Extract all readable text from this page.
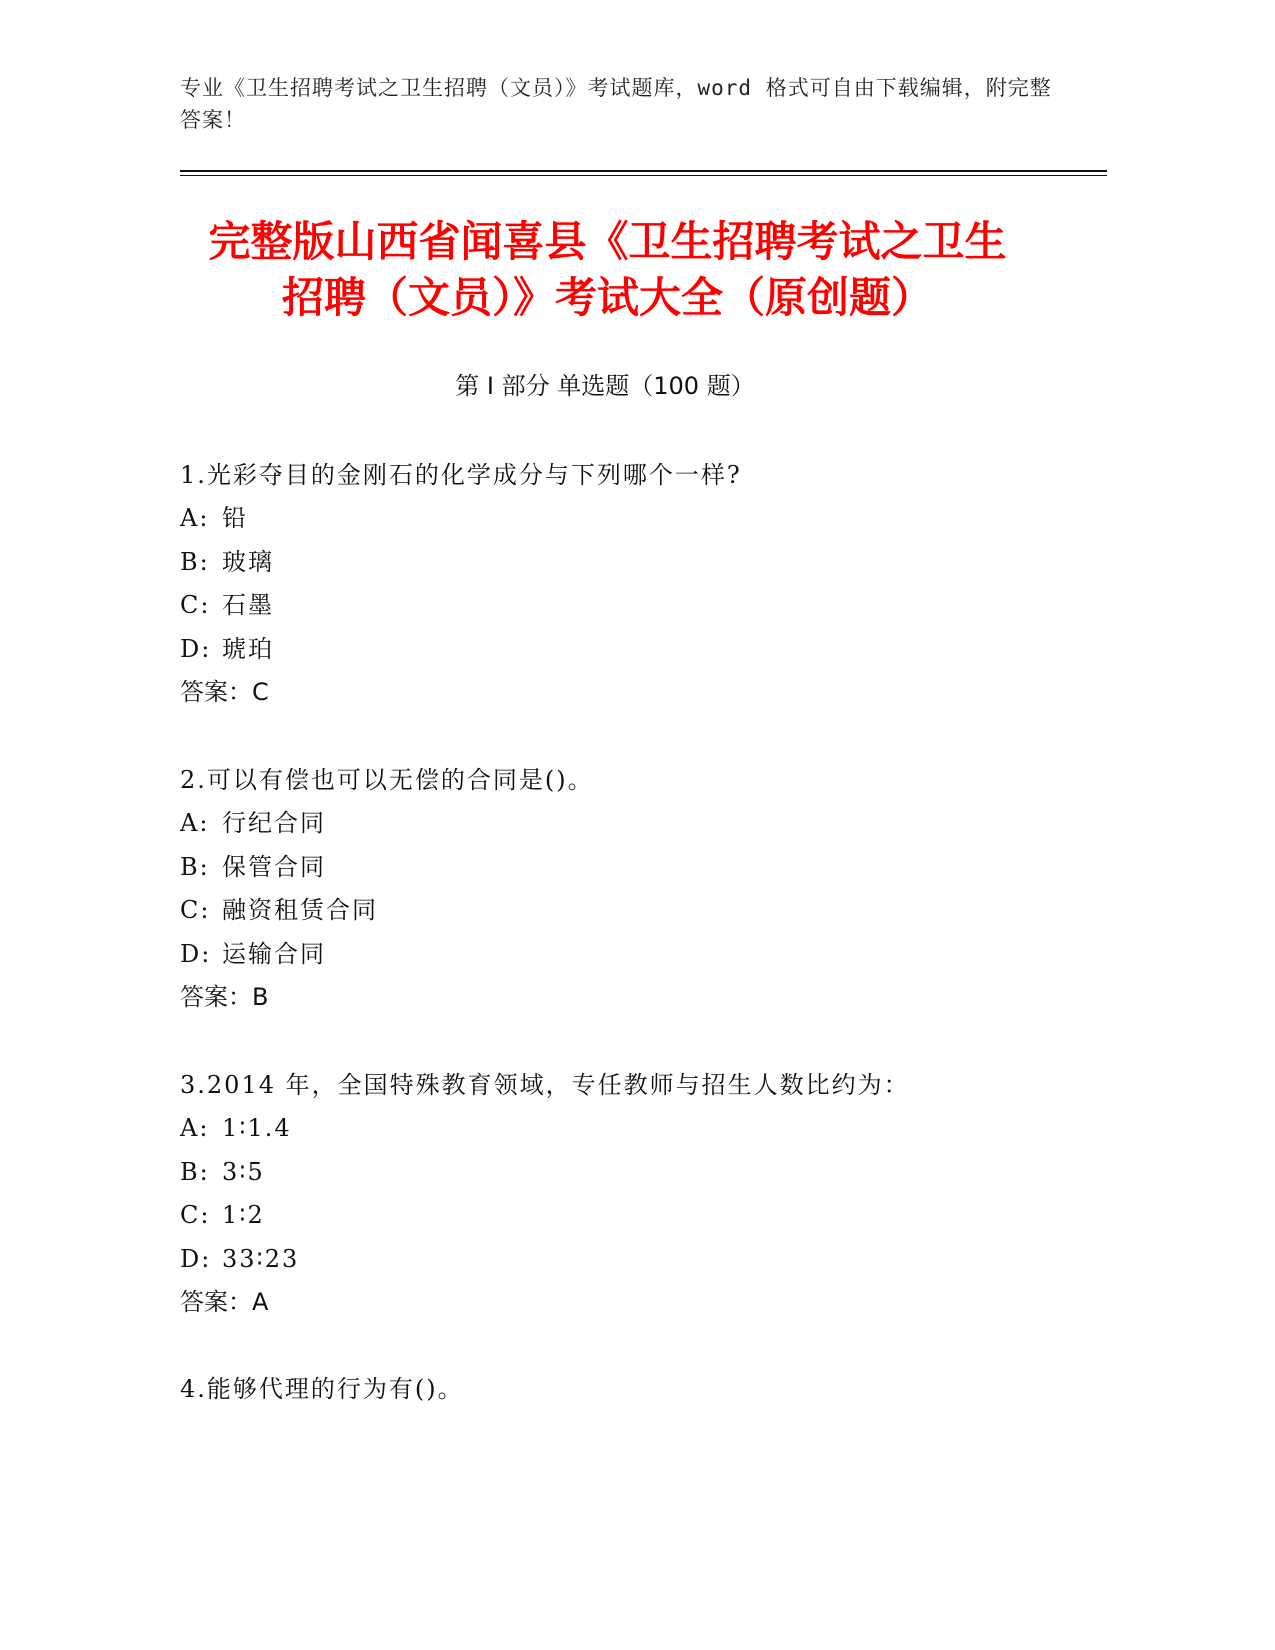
专业《卫生招聘考试之卫生招聘（文员）》考试题库，word 格式可自由下载编辑，附完整答案！
完整版山西省闻喜县《卫生招聘考试之卫生
招聘（文员）》考试大全（原创题）
第 I 部分 单选题（100 题）
1.光彩夺目的金刚石的化学成分与下列哪个一样?
A: 铅
B: 玻璃
C: 石墨
D: 琥珀
答案：C
2.可以有偿也可以无偿的合同是()。
A: 行纪合同
B: 保管合同
C: 融资租赁合同
D: 运输合同
答案：B
3.2014 年，全国特殊教育领域，专任教师与招生人数比约为：
A: 1∶1.4
B: 3∶5
C: 1∶2
D: 33∶23
答案：A
4.能够代理的行为有()。
